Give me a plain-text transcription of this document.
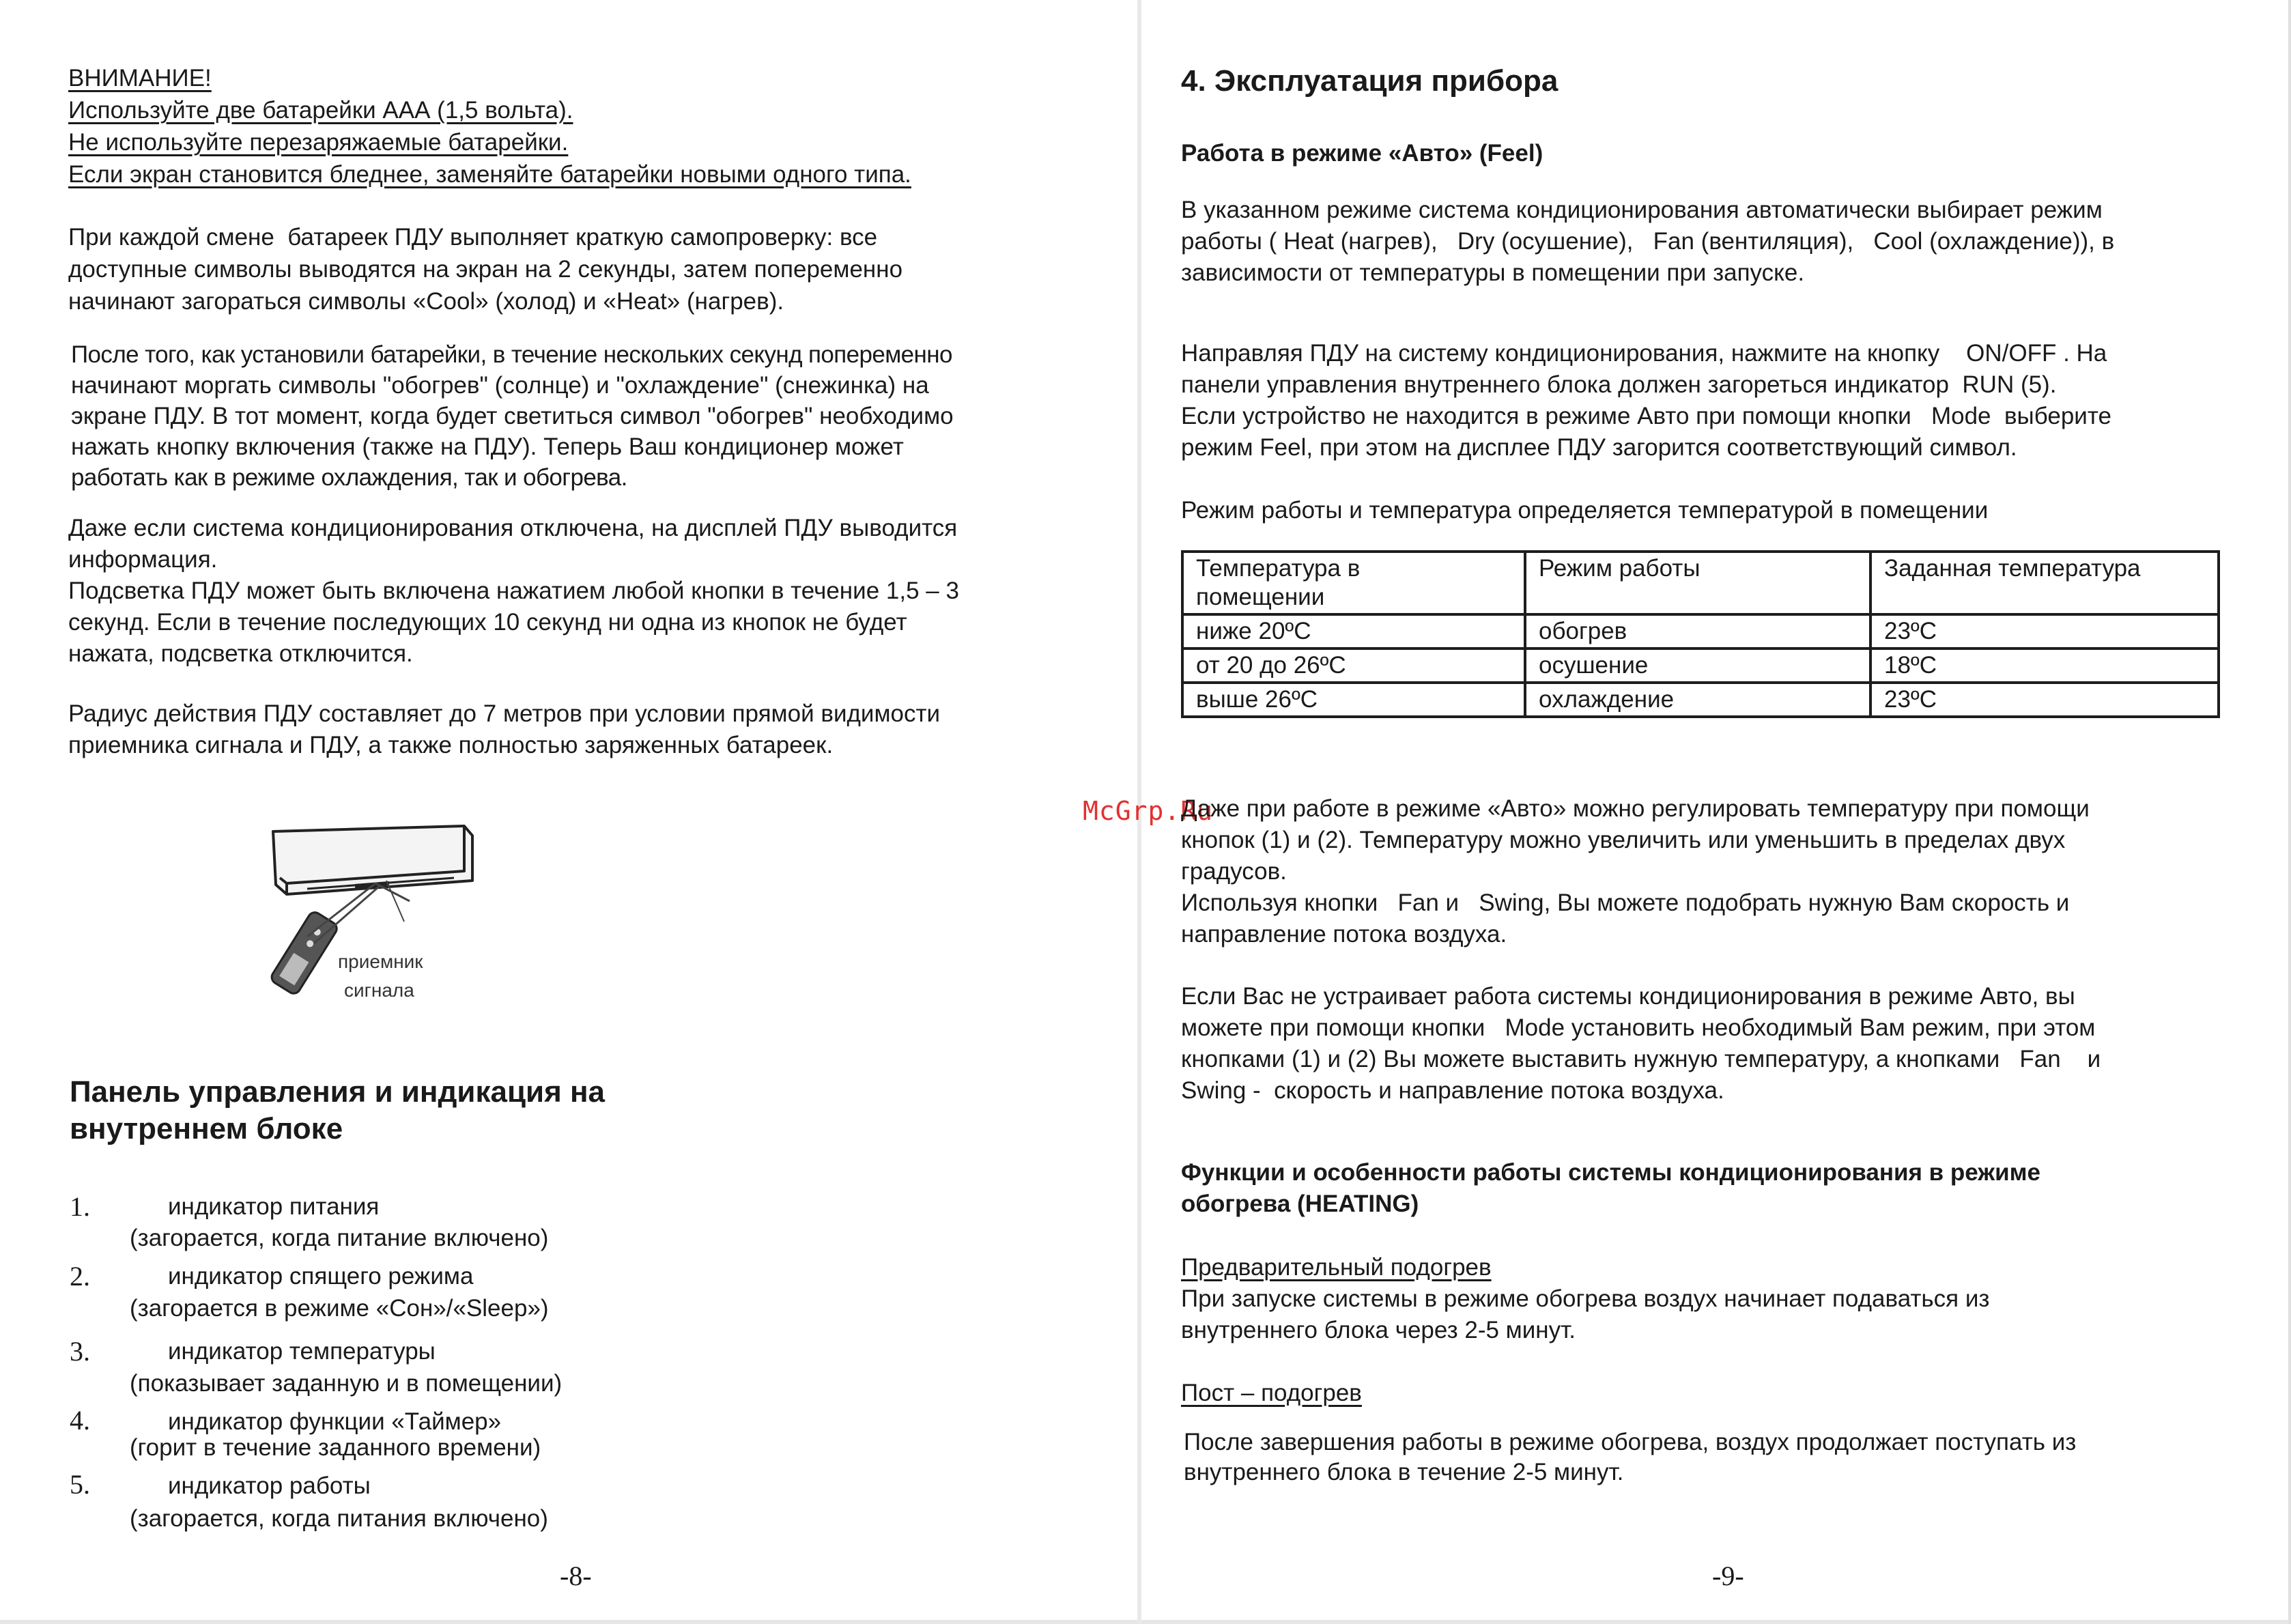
ВНИМАНИЕ!

Используйте две батарейки ААА (1,5 вольта).

Не используйте перезаряжаемые батарейки.

Если экран становится бледнее, заменяйте батарейки новыми одного типа.

При каждой смене  батареек ПДУ выполняет краткую самопроверку: все

доступные символы выводятся на экран на 2 секунды, затем попеременно

начинают загораться символы «Cool» (холод) и «Heat» (нагрев).

После того, как установили батарейки, в течение нескольких секунд попеременно

начинают моргать символы "обогрев" (солнце) и "охлаждение" (снежинка) на

экране ПДУ. В тот момент, когда будет светиться символ "обогрев" необходимо

нажать кнопку включения (также на ПДУ). Теперь Ваш кондиционер может

работать как в режиме охлаждения, так и обогрева.

Даже если система кондиционирования отключена, на дисплей ПДУ выводится

информация.

Подсветка ПДУ может быть включена нажатием любой кнопки в течение 1,5 – 3

секунд. Если в течение последующих 10 секунд ни одна из кнопок не будет

нажата, подсветка отключится.

Радиус действия ПДУ составляет до 7 метров при условии прямой видимости

приемника сигнала и ПДУ, а также полностью заряженных батареек.

приемник
сигнала

Панель управления и индикация на

внутреннем блоке

1.	индикатор питания

(загорается, когда питание включено)

2.	индикатор спящего режима

(загорается в режиме «Сон»/«Sleep»)

3.	индикатор температуры

(показывает заданную и в помещении)

4.	индикатор функции «Таймер»

(горит в течение заданного времени)

5.	индикатор работы

(загорается, когда питания включено)

-8-

4. Эксплуатация прибора

Работа в режиме «Авто» (Feel)

В указанном режиме система кондиционирования автоматически выбирает режим

работы ( Heat (нагрев),   Dry (осушение),   Fan (вентиляция),   Cool (охлаждение)), в

зависимости от температуры в помещении при запуске.

Направляя ПДУ на систему кондиционирования, нажмите на кнопку    ON/OFF . На

панели управления внутреннего блока должен загореться индикатор  RUN (5).

Если устройство не находится в режиме Авто при помощи кнопки   Mode  выберите

режим Feel, при этом на дисплее ПДУ загорится соответствующий символ.

Режим работы и температура определяется температурой в помещении

Температура в
помещении	Режим работы	Заданная температура
ниже 20ºС	обогрев	23ºС
от 20 до 26ºС	осушение	18ºС
выше 26ºС	охлаждение	23ºС
McGrp.Ru

Даже при работе в режиме «Авто» можно регулировать температуру при помощи

кнопок (1) и (2). Температуру можно увеличить или уменьшить в пределах двух

градусов.

Используя кнопки   Fan и   Swing, Вы можете подобрать нужную Вам скорость и

направление потока воздуха.

Если Вас не устраивает работа системы кондиционирования в режиме Авто, вы

можете при помощи кнопки   Mode установить необходимый Вам режим, при этом

кнопками (1) и (2) Вы можете выставить нужную температуру, а кнопками   Fan    и

Swing -  скорость и направление потока воздуха.

Функции и особенности работы системы кондиционирования в режиме

обогрева (HEATING)

Предварительный подогрев

При запуске системы в режиме обогрева воздух начинает подаваться из

внутреннего блока через 2-5 минут.

Пост – подогрев

После завершения работы в режиме обогрева, воздух продолжает поступать из

внутреннего блока в течение 2-5 минут.

-9-
